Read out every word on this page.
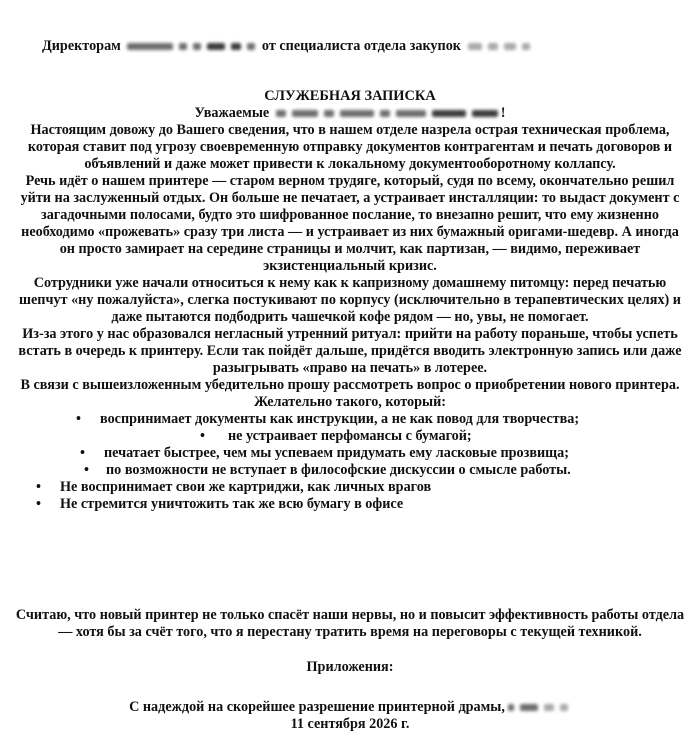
Директорам	от специалиста отдела закупок
СЛУЖЕБНАЯ ЗАПИСКА
Уважаемые	!

Настоящим довожу до Вашего сведения, что в нашем отделе назрела острая техническая проблема, которая ставит под угрозу своевременную отправку документов контрагентам и печать договоров и объявлений и даже может привести к локальному документооборотному коллапсу.

Речь идёт о нашем принтере — старом верном трудяге, который, судя по всему, окончательно решил уйти на заслуженный отдых. Он больше не печатает, а устраивает инсталляции: то выдаст документ с загадочными полосами, будто это шифрованное послание, то внезапно решит, что ему жизненно необходимо «прожевать» сразу три листа — и устраивает из них бумажный оригами-шедевр. А иногда он просто замирает на середине страницы и молчит, как партизан, — видимо, переживает экзистенциальный кризис.

Сотрудники уже начали относиться к нему как к капризному домашнему питомцу: перед печатью шепчут «ну пожалуйста», слегка постукивают по корпусу (исключительно в терапевтических целях) и даже пытаются подбодрить чашечкой кофе рядом — но, увы, не помогает.

Из-за этого у нас образовался негласный утренний ритуал: прийти на работу пораньше, чтобы успеть встать в очередь к принтеру. Если так пойдёт дальше, придётся вводить электронную запись или даже разыгрывать «право на печать» в лотерее.

В связи с вышеизложенным убедительно прошу рассмотреть вопрос о приобретении нового принтера. Желательно такого, который:

• воспринимает документы как инструкции, а не как повод для творчества;
• не устраивает перфомансы с бумагой;
• печатает быстрее, чем мы успеваем придумать ему ласковые прозвища;
• по возможности не вступает в философские дискуссии о смысле работы.
• Не воспринимает свои же картриджи, как личных врагов
• Не стремится уничтожить так же всю бумагу в офисе
Считаю, что новый принтер не только спасёт наши нервы, но и повысит эффективность работы отдела — хотя бы за счёт того, что я перестану тратить время на переговоры с текущей техникой.
Приложения:
С надеждой на скорейшее разрешение принтерной драмы,
11 сентября 2026 г.
